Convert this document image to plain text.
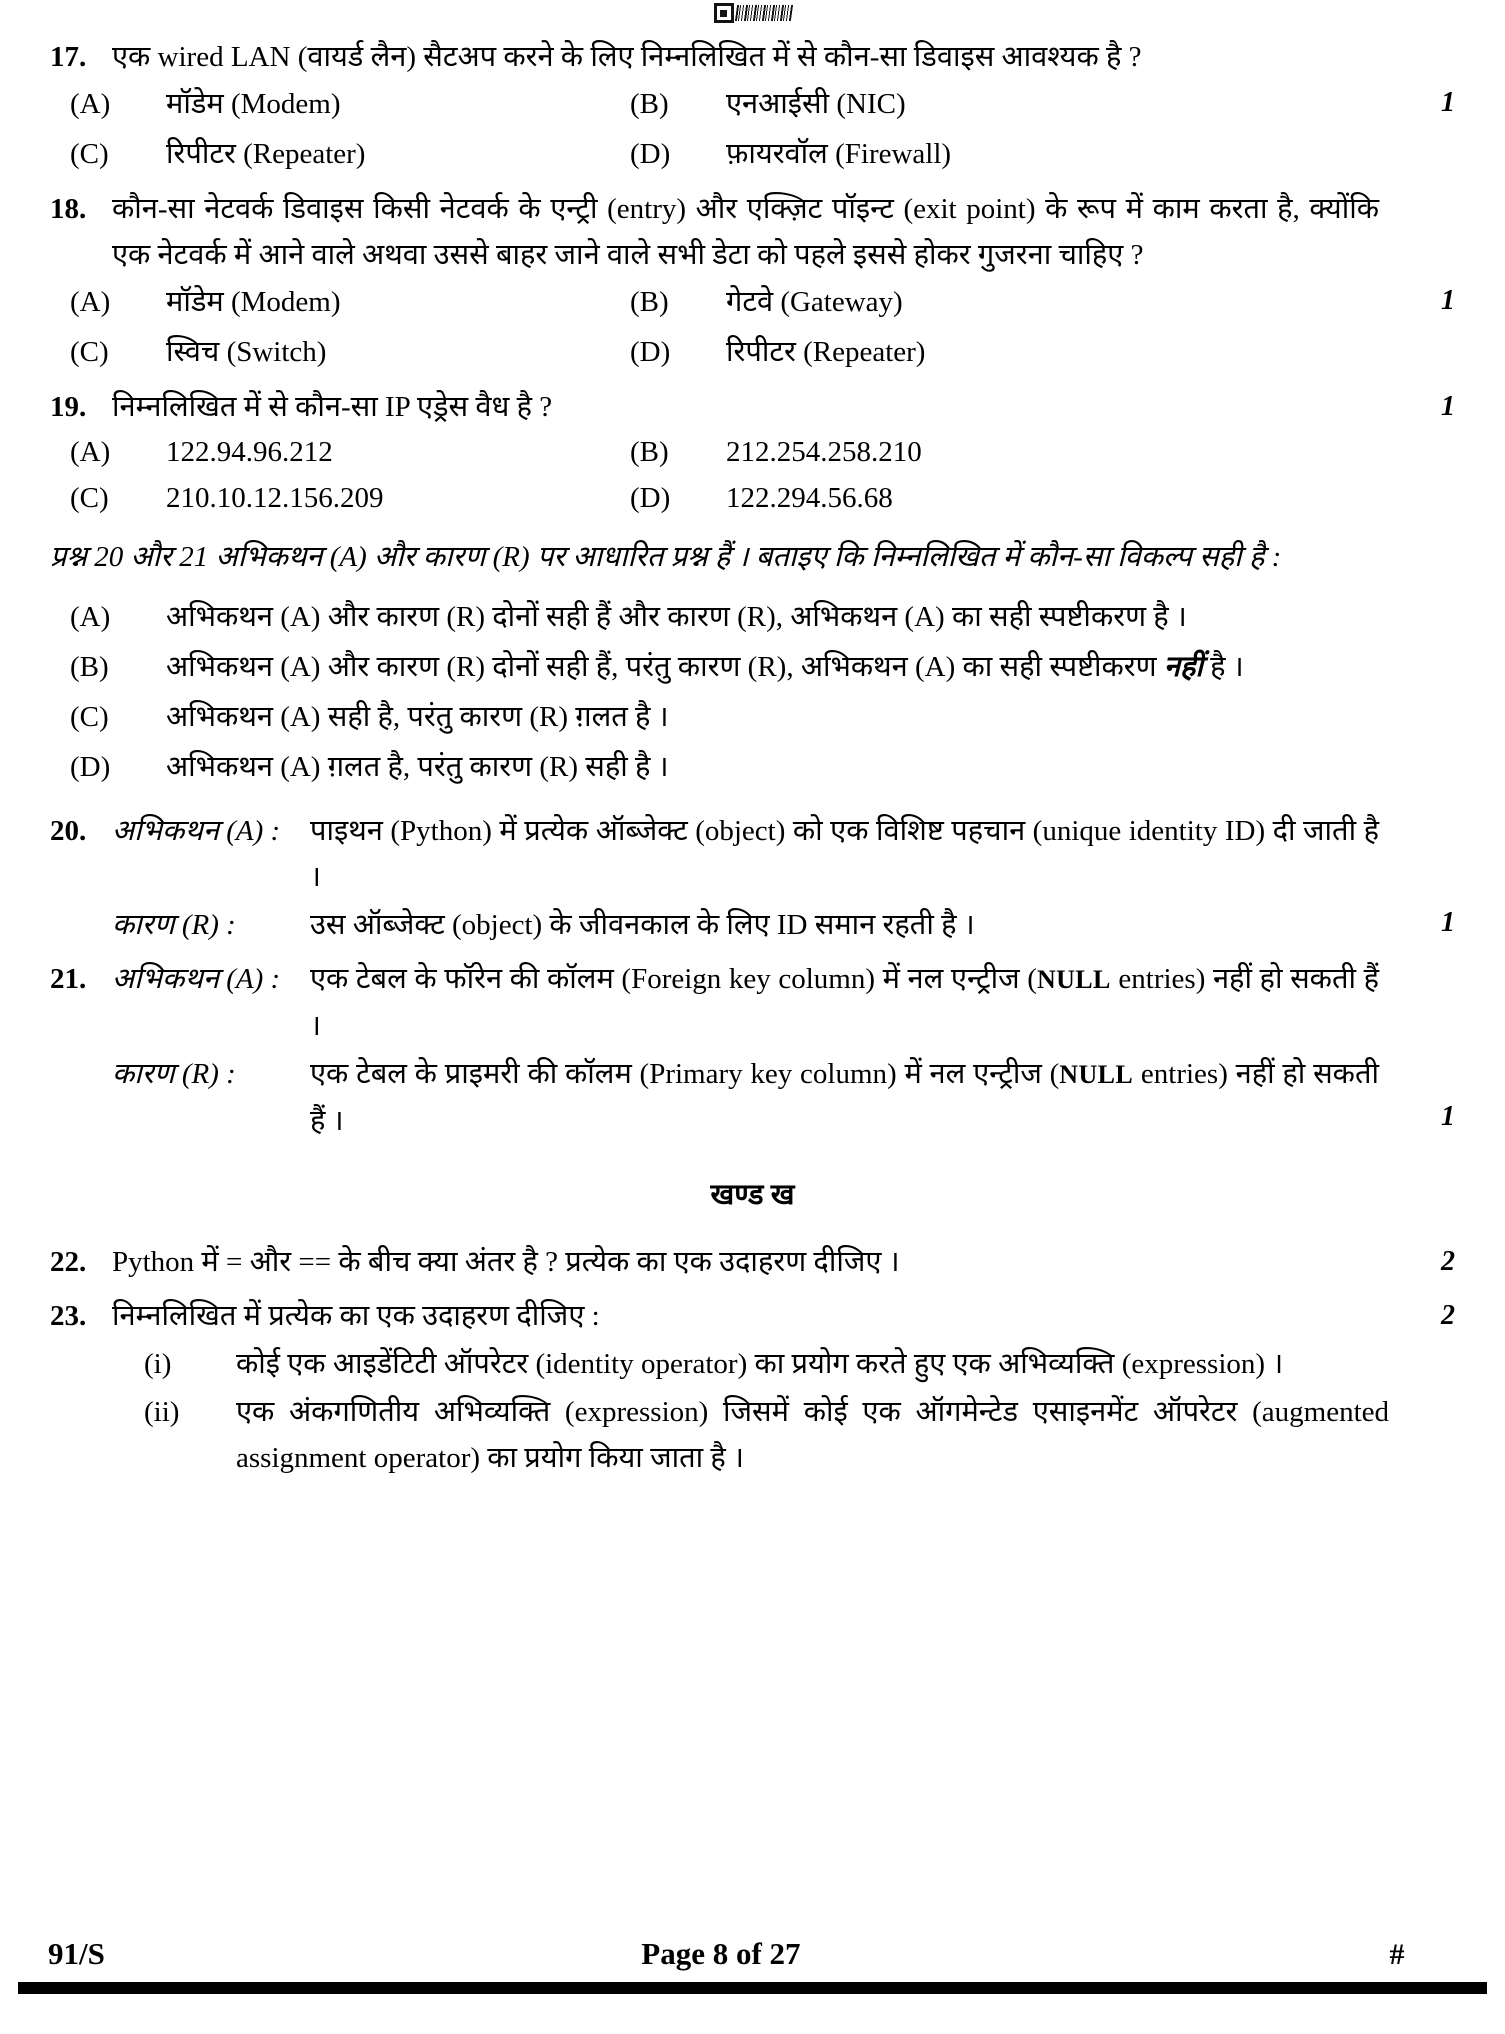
17. एक wired LAN (वायर्ड लैन) सैटअप करने के लिए निम्नलिखित में से कौन-सा डिवाइस आवश्यक है ?
1
(A)	मॉडेम (Modem)	(B)	एनआईसी (NIC)
(C)	रिपीटर (Repeater)	(D)	फ़ायरवॉल (Firewall)
18. कौन-सा नेटवर्क डिवाइस किसी नेटवर्क के एन्ट्री (entry) और एक्ज़िट पॉइन्ट (exit point) के रूप में काम करता है, क्योंकि एक नेटवर्क में आने वाले अथवा उससे बाहर जाने वाले सभी डेटा को पहले इससे होकर गुजरना चाहिए ?
1
(A)	मॉडेम (Modem)	(B)	गेटवे (Gateway)
(C)	स्विच (Switch)	(D)	रिपीटर (Repeater)
19. निम्नलिखित में से कौन-सा IP एड्रेस वैध है ?	1
(A)	122.94.96.212	(B)	212.254.258.210
(C)	210.10.12.156.209	(D)	122.294.56.68
प्रश्न 20 और 21 अभिकथन (A) और कारण (R) पर आधारित प्रश्न हैं । बताइए कि निम्नलिखित में कौन-सा विकल्प सही है :
(A)	अभिकथन (A) और कारण (R) दोनों सही हैं और कारण (R), अभिकथन (A) का सही स्पष्टीकरण है ।
(B)	अभिकथन (A) और कारण (R) दोनों सही हैं, परंतु कारण (R), अभिकथन (A) का सही स्पष्टीकरण नहीं है ।
(C)	अभिकथन (A) सही है, परंतु कारण (R) ग़लत है ।
(D)	अभिकथन (A) ग़लत है, परंतु कारण (R) सही है ।
20. अभिकथन (A) :	पाइथन (Python) में प्रत्येक ऑब्जेक्ट (object) को एक विशिष्ट पहचान (unique identity ID) दी जाती है ।
कारण (R) :	उस ऑब्जेक्ट (object) के जीवनकाल के लिए ID समान रहती है ।	1
21. अभिकथन (A) :	एक टेबल के फॉरेन की कॉलम (Foreign key column) में नल एन्ट्रीज (NULL entries) नहीं हो सकती हैं ।
कारण (R) :	एक टेबल के प्राइमरी की कॉलम (Primary key column) में नल एन्ट्रीज (NULL entries) नहीं हो सकती हैं ।	1
खण्ड ख
22. Python में = और == के बीच क्या अंतर है ? प्रत्येक का एक उदाहरण दीजिए ।	2
23. निम्नलिखित में प्रत्येक का एक उदाहरण दीजिए :	2
(i)	कोई एक आइडेंटिटी ऑपरेटर (identity operator) का प्रयोग करते हुए एक अभिव्यक्ति (expression) ।
(ii)	एक अंकगणितीय अभिव्यक्ति (expression) जिसमें कोई एक ऑगमेन्टेड एसाइनमेंट ऑपरेटर (augmented assignment operator) का प्रयोग किया जाता है ।
91/S	Page 8 of 27	#
